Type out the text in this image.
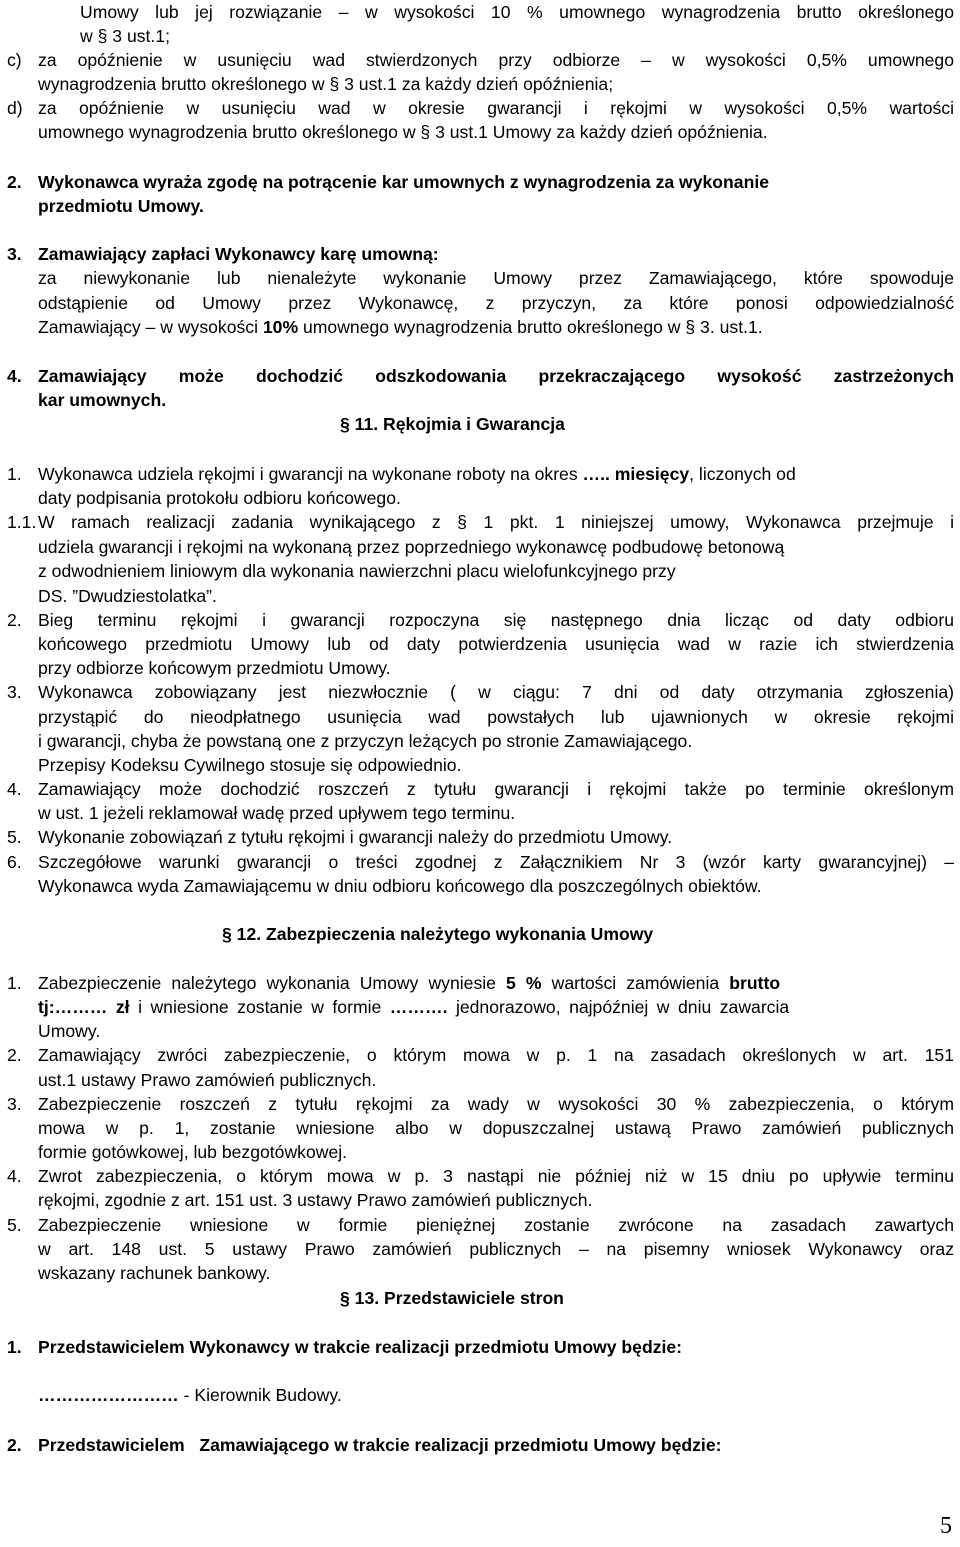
Umowy lub jej rozwiązanie – w wysokości 10 % umownego wynagrodzenia brutto określonego
w § 3 ust.1;
c) za opóźnienie w usunięciu wad stwierdzonych przy odbiorze – w wysokości 0,5% umownego
wynagrodzenia brutto określonego w § 3 ust.1 za każdy dzień opóźnienia;
d) za opóźnienie w usunięciu wad w okresie gwarancji i rękojmi w wysokości 0,5% wartości
umownego wynagrodzenia brutto określonego w § 3 ust.1 Umowy za każdy dzień opóźnienia.
2. Wykonawca wyraża zgodę na potrącenie kar umownych z wynagrodzenia za wykonanie
przedmiotu Umowy.
3. Zamawiający zapłaci Wykonawcy karę umowną:
za niewykonanie lub nienależyte wykonanie Umowy przez Zamawiającego, które spowoduje
odstąpienie od Umowy przez Wykonawcę, z przyczyn, za które ponosi odpowiedzialność
Zamawiający – w wysokości 10% umownego wynagrodzenia brutto określonego w § 3. ust.1.
4. Zamawiający może dochodzić odszkodowania przekraczającego wysokość zastrzeżonych
kar umownych.
§ 11. Rękojmia i Gwarancja
1. Wykonawca udziela rękojmi i gwarancji na wykonane roboty na okres ….. miesięcy, liczonych od
daty podpisania protokołu odbioru końcowego.
1.1. W ramach realizacji zadania wynikającego z § 1 pkt. 1 niniejszej umowy, Wykonawca przejmuje i
udziela gwarancji i rękojmi na wykonaną przez poprzedniego wykonawcę podbudowę betonową
z odwodnieniem liniowym dla wykonania nawierzchni placu wielofunkcyjnego przy
DS. ”Dwudziestolatka”.
2. Bieg terminu rękojmi i gwarancji rozpoczyna się następnego dnia licząc od daty odbioru
końcowego przedmiotu Umowy lub od daty potwierdzenia usunięcia wad w razie ich stwierdzenia
przy odbiorze końcowym przedmiotu Umowy.
3. Wykonawca zobowiązany jest niezwłocznie ( w ciągu: 7 dni od daty otrzymania zgłoszenia)
przystąpić do nieodpłatnego usunięcia wad powstałych lub ujawnionych w okresie rękojmi
i gwarancji, chyba że powstaną one z przyczyn leżących po stronie Zamawiającego.
Przepisy Kodeksu Cywilnego stosuje się odpowiednio.
4. Zamawiający może dochodzić roszczeń z tytułu gwarancji i rękojmi także po terminie określonym
w ust. 1 jeżeli reklamował wadę przed upływem tego terminu.
5. Wykonanie zobowiązań z tytułu rękojmi i gwarancji należy do przedmiotu Umowy.
6. Szczegółowe warunki gwarancji o treści zgodnej z Załącznikiem Nr 3 (wzór karty gwarancyjnej) –
Wykonawca wyda Zamawiającemu w dniu odbioru końcowego dla poszczególnych obiektów.
§ 12. Zabezpieczenia należytego wykonania Umowy
1. Zabezpieczenie należytego wykonania Umowy wyniesie 5 % wartości zamówienia brutto
tj:……… zł i wniesione zostanie w formie ………. jednorazowo, najpóźniej w dniu zawarcia
Umowy.
2. Zamawiający zwróci zabezpieczenie, o którym mowa w p. 1 na zasadach określonych w art. 151
ust.1 ustawy Prawo zamówień publicznych.
3. Zabezpieczenie roszczeń z tytułu rękojmi za wady w wysokości 30 % zabezpieczenia, o którym
mowa w p. 1, zostanie wniesione albo w dopuszczalnej ustawą Prawo zamówień publicznych
formie gotówkowej, lub bezgotówkowej.
4. Zwrot zabezpieczenia, o którym mowa w p. 3 nastąpi nie później niż w 15 dniu po upływie terminu
rękojmi, zgodnie z art. 151 ust. 3 ustawy Prawo zamówień publicznych.
5. Zabezpieczenie wniesione w formie pieniężnej zostanie zwrócone na zasadach zawartych
w art. 148 ust. 5 ustawy Prawo zamówień publicznych – na pisemny wniosek Wykonawcy oraz
wskazany rachunek bankowy.
§ 13. Przedstawiciele stron
1. Przedstawicielem Wykonawcy w trakcie realizacji przedmiotu Umowy będzie:
…………………… - Kierownik Budowy.
2. Przedstawicielem   Zamawiającego w trakcie realizacji przedmiotu Umowy będzie:
5
